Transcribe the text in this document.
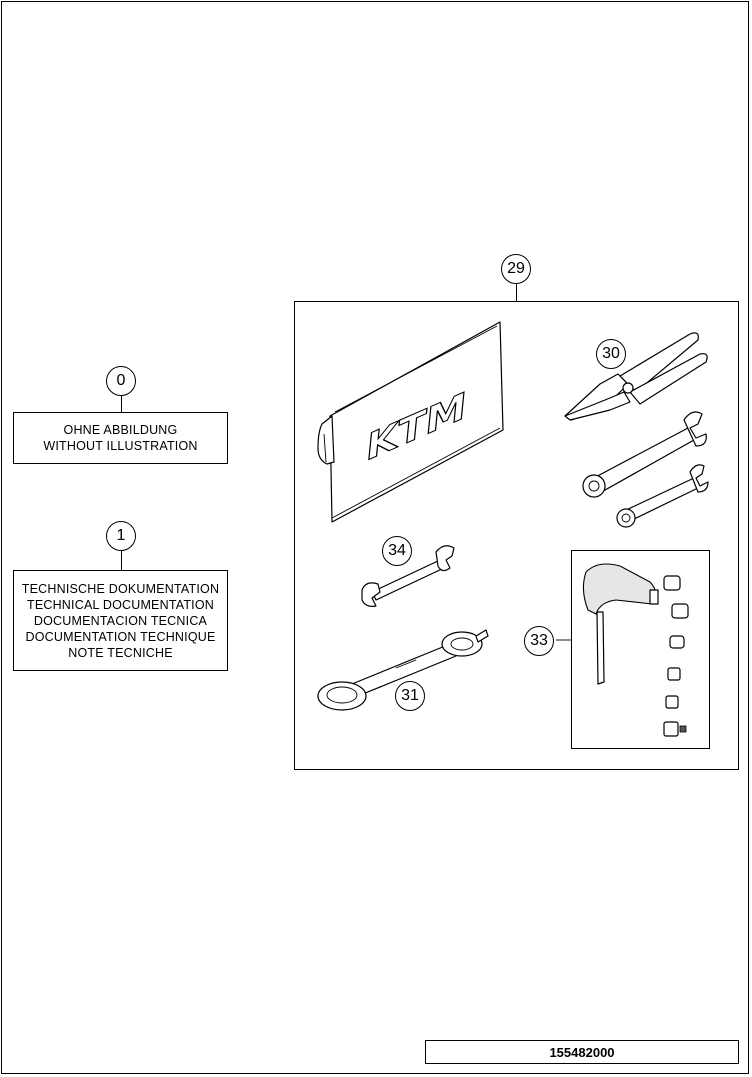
0
OHNE ABBILDUNG
WITHOUT ILLUSTRATION
1
TECHNISCHE DOKUMENTATION
TECHNICAL DOCUMENTATION
DOCUMENTACION TECNICA
DOCUMENTATION TECHNIQUE
NOTE TECNICHE
29
KTM
30
34
31
33
155482000
